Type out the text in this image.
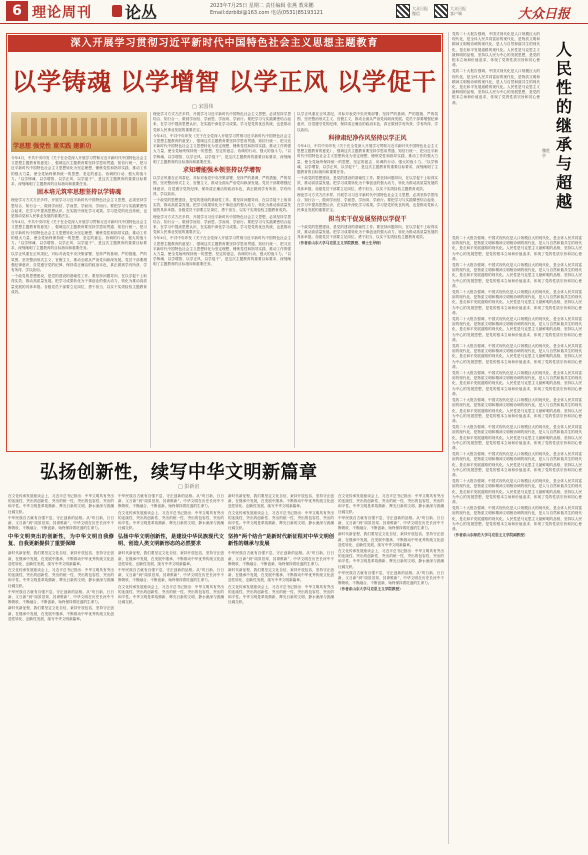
6 理论周刊 论丛	2023年7月25日 星期二 责任编辑 张燕 教荣鹏
Email:dzrblbl@163.com 电话(0531)85193121
大众日报微信
大众日报客户端	大众日报
深入开展学习贯彻习近平新时代中国特色社会主义思想主题教育
以学铸魂 以学增智 以学正风 以学促干
□ 宋国伟
学思想 强党性 重实践 建新功

今年4月，中共中央印发《关于在全党深入开展学习贯彻习近平新时代中国特色社会主义思想主题教育的意见》，强调这次主题教育要坚持学思用贯通、知信行统一，把习近平新时代中国特色社会主义思想转化为坚定理想、锤炼党性和指导实践、推动工作的强大力量，使全党始终保持统一的思想、坚定的意志、协调的行动、强大的战斗力。“以学铸魂、以学增智、以学正风、以学促干”，是这次主题教育的重要目标要求，深刻阐明了主题教育的目标指向和重要任务。

固本培元筑牢思想坚持以学铸魂

理论学习方式方法多样，开展学习习近平新时代中国特色社会主义思想，必须坚持学思结合、知行合一，做到学而信、学而思、学而用、学而行。要把学习与实践紧密结合起来，在学习中提高思想认识，在实践中深化学习成果。学习是党的优良传统，也是推动党和人民事业发展的重要法宝。

今年4月，中共中央印发《关于在全党深入开展学习贯彻习近平新时代中国特色社会主义思想主题教育的意见》，强调这次主题教育要坚持学思用贯通、知信行统一，把习近平新时代中国特色社会主义思想转化为坚定理想、锤炼党性和指导实践、推动工作的强大力量，使全党始终保持统一的思想、坚定的意志、协调的行动、强大的战斗力。“以学铸魂、以学增智、以学正风、以学促干”，是这次主题教育的重要目标要求，深刻阐明了主题教育的目标指向和重要任务。

以学正风重在正风肃纪，对标对表党中央决策部署，坚持严的基调、严的措施、严的氛围，坚决整治形式主义、官僚主义，推动全面从严治党向纵深发展。党员干部要增强纪律意识，自觉遵守党的纪律，保持清正廉洁的政治本色，真正做到学有所获、学有所得、学以致用。

一个政党的思想建设，是党的建设的基础性工作。要坚持问题导向，在以学促干上取得实效，推动高质量发展。把学习成果转化为干事创业的强大动力，转化为推动高质量发展的具体举措。各级党员干部要立足岗位，勇于担当，以实干实绩检验主题教育成效。

理论学习方式方法多样，开展学习习近平新时代中国特色社会主义思想，必须坚持学思结合、知行合一，做到学而信、学而思、学而用、学而行。要把学习与实践紧密结合起来，在学习中提高思想认识，在实践中深化学习成果。学习是党的优良传统，也是推动党和人民事业发展的重要法宝。

今年4月，中共中央印发《关于在全党深入开展学习贯彻习近平新时代中国特色社会主义思想主题教育的意见》，强调这次主题教育要坚持学思用贯通、知信行统一，把习近平新时代中国特色社会主义思想转化为坚定理想、锤炼党性和指导实践、推动工作的强大力量，使全党始终保持统一的思想、坚定的意志、协调的行动、强大的战斗力。“以学铸魂、以学增智、以学正风、以学促干”，是这次主题教育的重要目标要求，深刻阐明了主题教育的目标指向和重要任务。

求知增能强本领坚持以学增智

以学正风重在正风肃纪，对标对表党中央决策部署，坚持严的基调、严的措施、严的氛围，坚决整治形式主义、官僚主义，推动全面从严治党向纵深发展。党员干部要增强纪律意识，自觉遵守党的纪律，保持清正廉洁的政治本色，真正做到学有所获、学有所得、学以致用。

一个政党的思想建设，是党的建设的基础性工作。要坚持问题导向，在以学促干上取得实效，推动高质量发展。把学习成果转化为干事创业的强大动力，转化为推动高质量发展的具体举措。各级党员干部要立足岗位，勇于担当，以实干实绩检验主题教育成效。

理论学习方式方法多样，开展学习习近平新时代中国特色社会主义思想，必须坚持学思结合、知行合一，做到学而信、学而思、学而用、学而行。要把学习与实践紧密结合起来，在学习中提高思想认识，在实践中深化学习成果。学习是党的优良传统，也是推动党和人民事业发展的重要法宝。

今年4月，中共中央印发《关于在全党深入开展学习贯彻习近平新时代中国特色社会主义思想主题教育的意见》，强调这次主题教育要坚持学思用贯通、知信行统一，把习近平新时代中国特色社会主义思想转化为坚定理想、锤炼党性和指导实践、推动工作的强大力量，使全党始终保持统一的思想、坚定的意志、协调的行动、强大的战斗力。“以学铸魂、以学增智、以学正风、以学促干”，是这次主题教育的重要目标要求，深刻阐明了主题教育的目标指向和重要任务。

以学正风重在正风肃纪，对标对表党中央决策部署，坚持严的基调、严的措施、严的氛围，坚决整治形式主义、官僚主义，推动全面从严治党向纵深发展。党员干部要增强纪律意识，自觉遵守党的纪律，保持清正廉洁的政治本色，真正做到学有所获、学有所得、学以致用。

科律肃纪净作风坚持以学正风

今年4月，中共中央印发《关于在全党深入开展学习贯彻习近平新时代中国特色社会主义思想主题教育的意见》，强调这次主题教育要坚持学思用贯通、知信行统一，把习近平新时代中国特色社会主义思想转化为坚定理想、锤炼党性和指导实践、推动工作的强大力量，使全党始终保持统一的思想、坚定的意志、协调的行动、强大的战斗力。“以学铸魂、以学增智、以学正风、以学促干”，是这次主题教育的重要目标要求，深刻阐明了主题教育的目标指向和重要任务。

一个政党的思想建设，是党的建设的基础性工作。要坚持问题导向，在以学促干上取得实效，推动高质量发展。把学习成果转化为干事创业的强大动力，转化为推动高质量发展的具体举措。各级党员干部要立足岗位，勇于担当，以实干实绩检验主题教育成效。

理论学习方式方法多样，开展学习习近平新时代中国特色社会主义思想，必须坚持学思结合、知行合一，做到学而信、学而思、学而用、学而行。要把学习与实践紧密结合起来，在学习中提高思想认识，在实践中深化学习成果。学习是党的优良传统，也是推动党和人民事业发展的重要法宝。

担当实干促发展坚持以学促干

一个政党的思想建设，是党的建设的基础性工作。要坚持问题导向，在以学促干上取得实效，推动高质量发展。把学习成果转化为干事创业的强大动力，转化为推动高质量发展的具体举措。各级党员干部要立足岗位，勇于担当，以实干实绩检验主题教育成效。

（作者系山东大学马克思主义学院教授、博士生导师）

党的二十大报告强调，中国式现代化是人口规模巨大的现代化，是全体人民共同富裕的现代化，是物质文明和精神文明相协调的现代化，是人与自然和谐共生的现代化，是走和平发展道路的现代化。人民性是马克思主义最鲜明的品格，坚持以人民为中心的发展思想，是党的根本立场和价值追求，体现了党的性质宗旨和初心使命。

党的二十大报告强调，中国式现代化是人口规模巨大的现代化，是全体人民共同富裕的现代化，是物质文明和精神文明相协调的现代化，是人与自然和谐共生的现代化，是走和平发展道路的现代化。人民性是马克思主义最鲜明的品格，坚持以人民为中心的发展思想，是党的根本立场和价值追求，体现了党的性质宗旨和初心使命。

人民性的继承与超越
魏胜亭

党的二十大报告强调，中国式现代化是人口规模巨大的现代化，是全体人民共同富裕的现代化，是物质文明和精神文明相协调的现代化，是人与自然和谐共生的现代化，是走和平发展道路的现代化。人民性是马克思主义最鲜明的品格，坚持以人民为中心的发展思想，是党的根本立场和价值追求，体现了党的性质宗旨和初心使命。

党的二十大报告强调，中国式现代化是人口规模巨大的现代化，是全体人民共同富裕的现代化，是物质文明和精神文明相协调的现代化，是人与自然和谐共生的现代化，是走和平发展道路的现代化。人民性是马克思主义最鲜明的品格，坚持以人民为中心的发展思想，是党的根本立场和价值追求，体现了党的性质宗旨和初心使命。

党的二十大报告强调，中国式现代化是人口规模巨大的现代化，是全体人民共同富裕的现代化，是物质文明和精神文明相协调的现代化，是人与自然和谐共生的现代化，是走和平发展道路的现代化。人民性是马克思主义最鲜明的品格，坚持以人民为中心的发展思想，是党的根本立场和价值追求，体现了党的性质宗旨和初心使命。

党的二十大报告强调，中国式现代化是人口规模巨大的现代化，是全体人民共同富裕的现代化，是物质文明和精神文明相协调的现代化，是人与自然和谐共生的现代化，是走和平发展道路的现代化。人民性是马克思主义最鲜明的品格，坚持以人民为中心的发展思想，是党的根本立场和价值追求，体现了党的性质宗旨和初心使命。

党的二十大报告强调，中国式现代化是人口规模巨大的现代化，是全体人民共同富裕的现代化，是物质文明和精神文明相协调的现代化，是人与自然和谐共生的现代化，是走和平发展道路的现代化。人民性是马克思主义最鲜明的品格，坚持以人民为中心的发展思想，是党的根本立场和价值追求，体现了党的性质宗旨和初心使命。

党的二十大报告强调，中国式现代化是人口规模巨大的现代化，是全体人民共同富裕的现代化，是物质文明和精神文明相协调的现代化，是人与自然和谐共生的现代化，是走和平发展道路的现代化。人民性是马克思主义最鲜明的品格，坚持以人民为中心的发展思想，是党的根本立场和价值追求，体现了党的性质宗旨和初心使命。

党的二十大报告强调，中国式现代化是人口规模巨大的现代化，是全体人民共同富裕的现代化，是物质文明和精神文明相协调的现代化，是人与自然和谐共生的现代化，是走和平发展道路的现代化。人民性是马克思主义最鲜明的品格，坚持以人民为中心的发展思想，是党的根本立场和价值追求，体现了党的性质宗旨和初心使命。

党的二十大报告强调，中国式现代化是人口规模巨大的现代化，是全体人民共同富裕的现代化，是物质文明和精神文明相协调的现代化，是人与自然和谐共生的现代化，是走和平发展道路的现代化。人民性是马克思主义最鲜明的品格，坚持以人民为中心的发展思想，是党的根本立场和价值追求，体现了党的性质宗旨和初心使命。

党的二十大报告强调，中国式现代化是人口规模巨大的现代化，是全体人民共同富裕的现代化，是物质文明和精神文明相协调的现代化，是人与自然和谐共生的现代化，是走和平发展道路的现代化。人民性是马克思主义最鲜明的品格，坚持以人民为中心的发展思想，是党的根本立场和价值追求，体现了党的性质宗旨和初心使命。

党的二十大报告强调，中国式现代化是人口规模巨大的现代化，是全体人民共同富裕的现代化，是物质文明和精神文明相协调的现代化，是人与自然和谐共生的现代化，是走和平发展道路的现代化。人民性是马克思主义最鲜明的品格，坚持以人民为中心的发展思想，是党的根本立场和价值追求，体现了党的性质宗旨和初心使命。

党的二十大报告强调，中国式现代化是人口规模巨大的现代化，是全体人民共同富裕的现代化，是物质文明和精神文明相协调的现代化，是人与自然和谐共生的现代化，是走和平发展道路的现代化。人民性是马克思主义最鲜明的品格，坚持以人民为中心的发展思想，是党的根本立场和价值追求，体现了党的性质宗旨和初心使命。

（作者系山东师范大学马克思主义学院副教授）

弘扬创新性，续写中华文明新篇章
□ 彭新宙

在文化传承发展座谈会上，习近平总书记指出：中华文明具有突出的连续性、突出的创新性、突出的统一性、突出的包容性、突出的和平性。中华文明是革故鼎新、辉光日新的文明，静水流深与波澜壮阔交织。

中华民族自古就有自强不息、守正创新的品格。从“苟日新，日日新，又日新”到“周虽旧邦，其命维新”，中华文明在历史长河中不断吸收、不断融合、不断创新，始终保持着旺盛的生命力。

中华文明突出的创新性，为中华文明自我修复、自我更新提供了重要保障

新时代新征程，我们要坚定文化自信，秉持开放包容，坚持守正创新，在继承中发展，在发展中继承，不断推动中华优秀传统文化创造性转化、创新性发展，续写中华文明新篇章。

在文化传承发展座谈会上，习近平总书记指出：中华文明具有突出的连续性、突出的创新性、突出的统一性、突出的包容性、突出的和平性。中华文明是革故鼎新、辉光日新的文明，静水流深与波澜壮阔交织。

中华民族自古就有自强不息、守正创新的品格。从“苟日新，日日新，又日新”到“周虽旧邦，其命维新”，中华文明在历史长河中不断吸收、不断融合、不断创新，始终保持着旺盛的生命力。

新时代新征程，我们要坚定文化自信，秉持开放包容，坚持守正创新，在继承中发展，在发展中继承，不断推动中华优秀传统文化创造性转化、创新性发展，续写中华文明新篇章。

中华民族自古就有自强不息、守正创新的品格。从“苟日新，日日新，又日新”到“周虽旧邦，其命维新”，中华文明在历史长河中不断吸收、不断融合、不断创新，始终保持着旺盛的生命力。

在文化传承发展座谈会上，习近平总书记指出：中华文明具有突出的连续性、突出的创新性、突出的统一性、突出的包容性、突出的和平性。中华文明是革故鼎新、辉光日新的文明，静水流深与波澜壮阔交织。

弘扬中华文明创新性，是建设中华民族现代文明、创造人类文明新形态的必然要求

新时代新征程，我们要坚定文化自信，秉持开放包容，坚持守正创新，在继承中发展，在发展中继承，不断推动中华优秀传统文化创造性转化、创新性发展，续写中华文明新篇章。

中华民族自古就有自强不息、守正创新的品格。从“苟日新，日日新，又日新”到“周虽旧邦，其命维新”，中华文明在历史长河中不断吸收、不断融合、不断创新，始终保持着旺盛的生命力。

在文化传承发展座谈会上，习近平总书记指出：中华文明具有突出的连续性、突出的创新性、突出的统一性、突出的包容性、突出的和平性。中华文明是革故鼎新、辉光日新的文明，静水流深与波澜壮阔交织。

新时代新征程，我们要坚定文化自信，秉持开放包容，坚持守正创新，在继承中发展，在发展中继承，不断推动中华优秀传统文化创造性转化、创新性发展，续写中华文明新篇章。

在文化传承发展座谈会上，习近平总书记指出：中华文明具有突出的连续性、突出的创新性、突出的统一性、突出的包容性、突出的和平性。中华文明是革故鼎新、辉光日新的文明，静水流深与波澜壮阔交织。

坚持“两个结合”是新时代新征程对中华文明创新性的继承与发展

中华民族自古就有自强不息、守正创新的品格。从“苟日新，日日新，又日新”到“周虽旧邦，其命维新”，中华文明在历史长河中不断吸收、不断融合、不断创新，始终保持着旺盛的生命力。

新时代新征程，我们要坚定文化自信，秉持开放包容，坚持守正创新，在继承中发展，在发展中继承，不断推动中华优秀传统文化创造性转化、创新性发展，续写中华文明新篇章。

在文化传承发展座谈会上，习近平总书记指出：中华文明具有突出的连续性、突出的创新性、突出的统一性、突出的包容性、突出的和平性。中华文明是革故鼎新、辉光日新的文明，静水流深与波澜壮阔交织。

在文化传承发展座谈会上，习近平总书记指出：中华文明具有突出的连续性、突出的创新性、突出的统一性、突出的包容性、突出的和平性。中华文明是革故鼎新、辉光日新的文明，静水流深与波澜壮阔交织。

中华民族自古就有自强不息、守正创新的品格。从“苟日新，日日新，又日新”到“周虽旧邦，其命维新”，中华文明在历史长河中不断吸收、不断融合、不断创新，始终保持着旺盛的生命力。

新时代新征程，我们要坚定文化自信，秉持开放包容，坚持守正创新，在继承中发展，在发展中继承，不断推动中华优秀传统文化创造性转化、创新性发展，续写中华文明新篇章。

在文化传承发展座谈会上，习近平总书记指出：中华文明具有突出的连续性、突出的创新性、突出的统一性、突出的包容性、突出的和平性。中华文明是革故鼎新、辉光日新的文明，静水流深与波澜壮阔交织。

中华民族自古就有自强不息、守正创新的品格。从“苟日新，日日新，又日新”到“周虽旧邦，其命维新”，中华文明在历史长河中不断吸收、不断融合、不断创新，始终保持着旺盛的生命力。

（作者系山东大学马克思主义学院教授）
